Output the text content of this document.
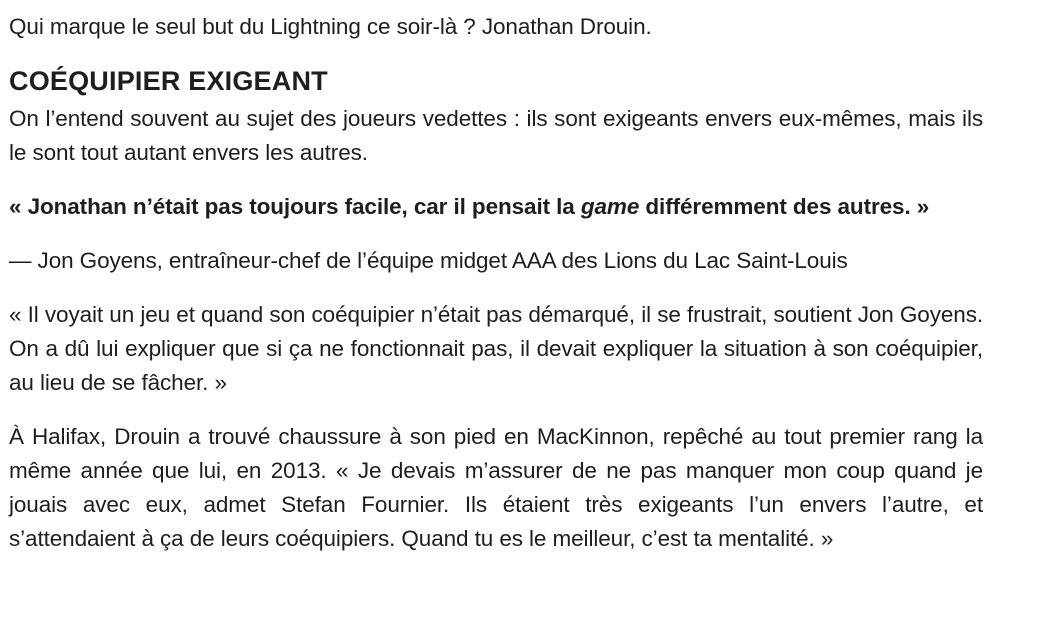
Qui marque le seul but du Lightning ce soir-là ? Jonathan Drouin.

COÉQUIPIER EXIGEANT

On l’entend souvent au sujet des joueurs vedettes : ils sont exigeants envers eux-mêmes, mais ils le sont tout autant envers les autres.

« Jonathan n’était pas toujours facile, car il pensait la game différemment des autres. »

— Jon Goyens, entraîneur-chef de l’équipe midget AAA des Lions du Lac Saint-Louis

« Il voyait un jeu et quand son coéquipier n’était pas démarqué, il se frustrait, soutient Jon Goyens. On a dû lui expliquer que si ça ne fonctionnait pas, il devait expliquer la situation à son coéquipier, au lieu de se fâcher. »

À Halifax, Drouin a trouvé chaussure à son pied en MacKinnon, repêché au tout premier rang la même année que lui, en 2013. « Je devais m’assurer de ne pas manquer mon coup quand je jouais avec eux, admet Stefan Fournier. Ils étaient très exigeants l’un envers l’autre, et s’attendaient à ça de leurs coéquipiers. Quand tu es le meilleur, c’est ta mentalité. »
